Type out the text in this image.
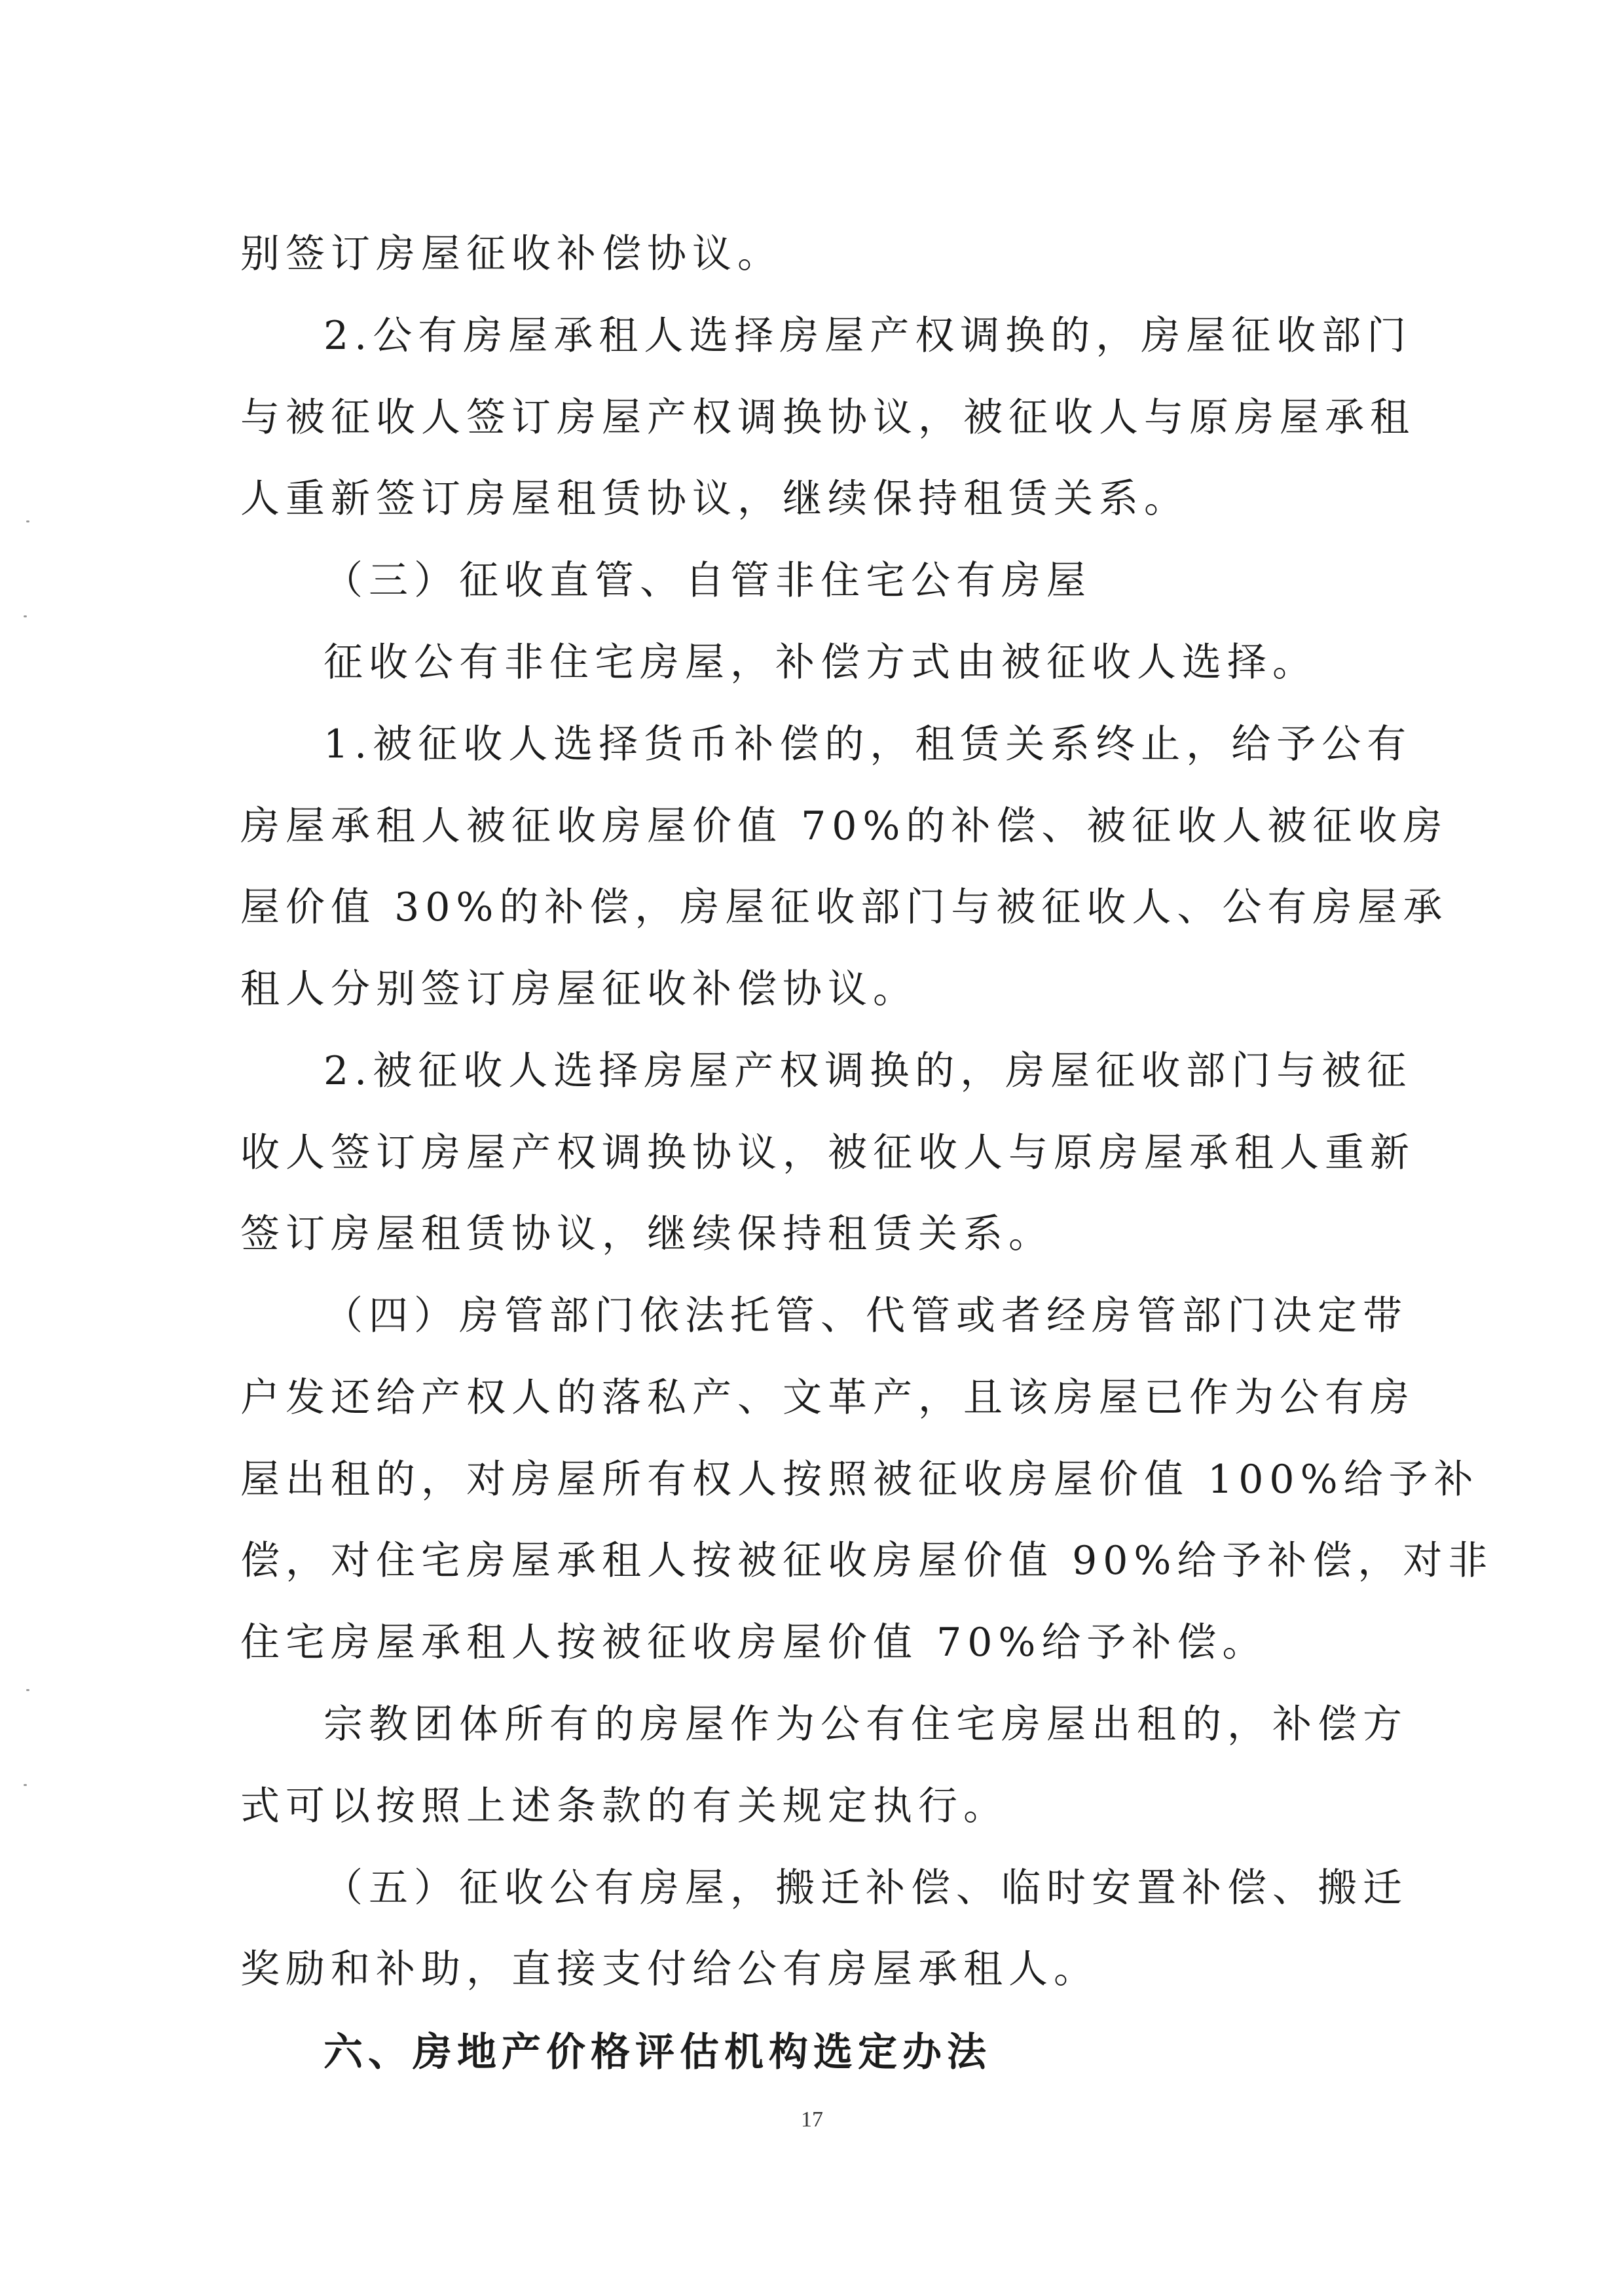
别签订房屋征收补偿协议。
2.公有房屋承租人选择房屋产权调换的，房屋征收部门
与被征收人签订房屋产权调换协议，被征收人与原房屋承租
人重新签订房屋租赁协议，继续保持租赁关系。
（三）征收直管、自管非住宅公有房屋
征收公有非住宅房屋，补偿方式由被征收人选择。
1.被征收人选择货币补偿的，租赁关系终止，给予公有
房屋承租人被征收房屋价值 70%的补偿、被征收人被征收房
屋价值 30%的补偿，房屋征收部门与被征收人、公有房屋承
租人分别签订房屋征收补偿协议。
2.被征收人选择房屋产权调换的，房屋征收部门与被征
收人签订房屋产权调换协议，被征收人与原房屋承租人重新
签订房屋租赁协议，继续保持租赁关系。
（四）房管部门依法托管、代管或者经房管部门决定带
户发还给产权人的落私产、文革产，且该房屋已作为公有房
屋出租的，对房屋所有权人按照被征收房屋价值 100%给予补
偿，对住宅房屋承租人按被征收房屋价值 90%给予补偿，对非
住宅房屋承租人按被征收房屋价值 70%给予补偿。
宗教团体所有的房屋作为公有住宅房屋出租的，补偿方
式可以按照上述条款的有关规定执行。
（五）征收公有房屋，搬迁补偿、临时安置补偿、搬迁
奖励和补助，直接支付给公有房屋承租人。
六、房地产价格评估机构选定办法
17
